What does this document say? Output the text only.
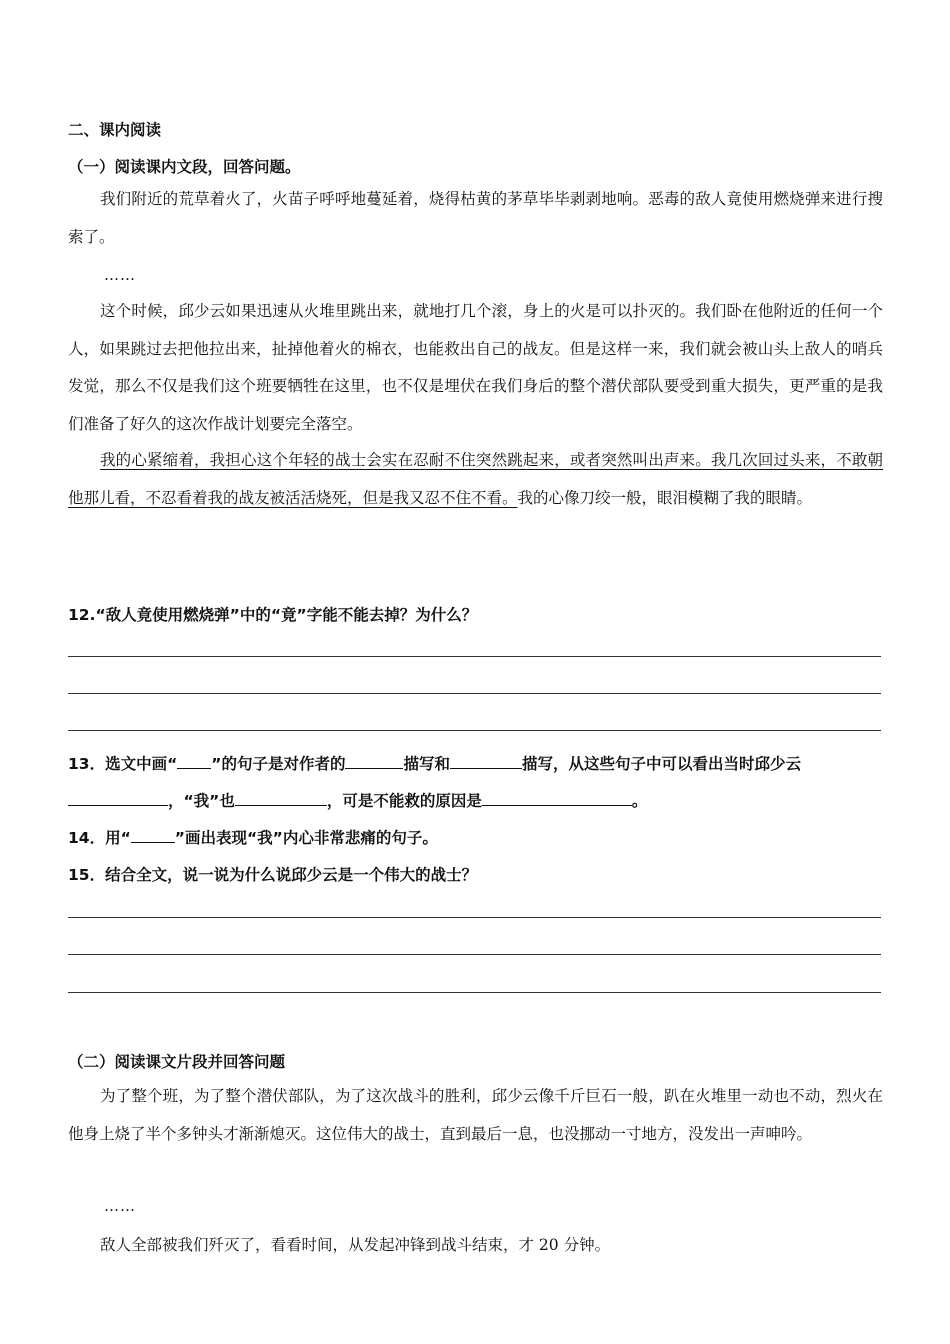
二、课内阅读
（一）阅读课内文段，回答问题。
我们附近的荒草着火了，火苗子呼呼地蔓延着，烧得枯黄的茅草毕毕剥剥地响。恶毒的敌人竟使用燃烧弹来进行搜索了。
……
这个时候，邱少云如果迅速从火堆里跳出来，就地打几个滚，身上的火是可以扑灭的。我们卧在他附近的任何一个人，如果跳过去把他拉出来，扯掉他着火的棉衣，也能救出自己的战友。但是这样一来，我们就会被山头上敌人的哨兵发觉，那么不仅是我们这个班要牺牲在这里，也不仅是埋伏在我们身后的整个潜伏部队要受到重大损失，更严重的是我们准备了好久的这次作战计划要完全落空。
我的心紧缩着，我担心这个年轻的战士会实在忍耐不住突然跳起来，或者突然叫出声来。我几次回过头来，不敢朝他那儿看，不忍看着我的战友被活活烧死，但是我又忍不住不看。我的心像刀绞一般，眼泪模糊了我的眼睛。
12.“敌人竟使用燃烧弹”中的“竟”字能不能去掉？为什么？
13．选文中画“ ”的句子是对作者的	描写和	描写，从这些句子中可以看出当时邱少云
，“我”也	，可是不能救的原因是	。
14．用“	”画出表现“我”内心非常悲痛的句子。
15．结合全文，说一说为什么说邱少云是一个伟大的战士？
（二）阅读课文片段并回答问题
为了整个班，为了整个潜伏部队，为了这次战斗的胜利，邱少云像千斤巨石一般，趴在火堆里一动也不动，烈火在他身上烧了半个多钟头才渐渐熄灭。这位伟大的战士，直到最后一息，也没挪动一寸地方，没发出一声呻吟。
……
敌人全部被我们歼灭了，看看时间，从发起冲锋到战斗结束，才 20 分钟。
